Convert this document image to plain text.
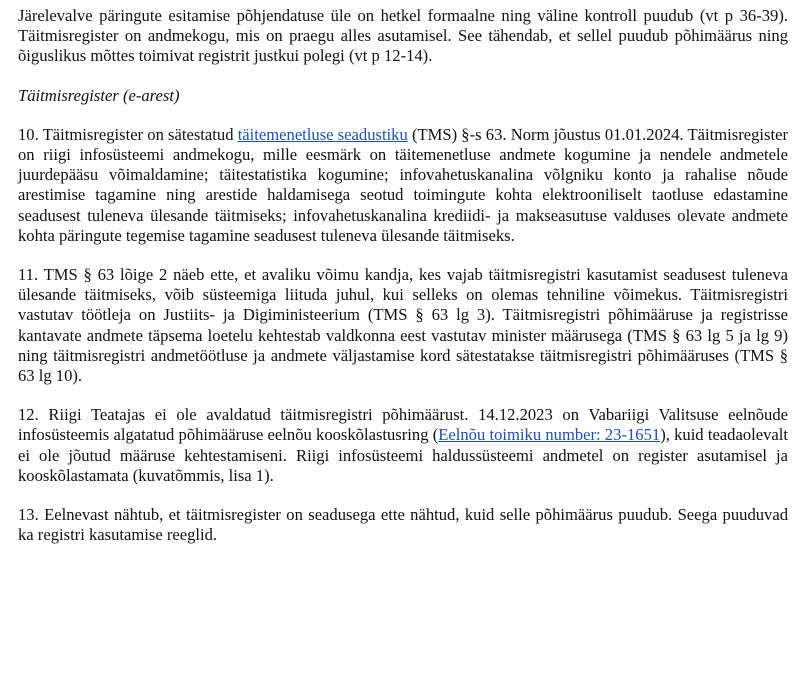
Järelevalve päringute esitamise põhjendatuse üle on hetkel formaalne ning väline kontroll puudub (vt p 36-39). Täitmisregister on andmekogu, mis on praegu alles asutamisel. See tähendab, et sellel puudub põhimäärus ning õiguslikus mõttes toimivat registrit justkui polegi (vt p 12-14).

Täitmisregister (e-arest)

10. Täitmisregister on sätestatud täitemenetluse seadustiku (TMS) §-s 63. Norm jõustus 01.01.2024. Täitmisregister on riigi infosüsteemi andmekogu, mille eesmärk on täitemenetluse andmete kogumine ja nendele andmetele juurdepääsu võimaldamine; täitestatistika kogumine; infovahetuskanalina võlgniku konto ja rahalise nõude arestimise tagamine ning arestide haldamisega seotud toimingute kohta elektrooniliselt taotluse edastamine seadusest tuleneva ülesande täitmiseks; infovahetuskanalina krediidi- ja makseasutuse valduses olevate andmete kohta päringute tegemise tagamine seadusest tuleneva ülesande täitmiseks.

11. TMS § 63 lõige 2 näeb ette, et avaliku võimu kandja, kes vajab täitmisregistri kasutamist seadusest tuleneva ülesande täitmiseks, võib süsteemiga liituda juhul, kui selleks on olemas tehniline võimekus. Täitmisregistri vastutav töötleja on Justiits- ja Digiministeerium (TMS § 63 lg 3). Täitmisregistri põhimääruse ja registrisse kantavate andmete täpsema loetelu kehtestab valdkonna eest vastutav minister määrusega (TMS § 63 lg 5 ja lg 9) ning täitmisregistri andmetöötluse ja andmete väljastamise kord sätestatakse täitmisregistri põhimääruses (TMS § 63 lg 10).

12. Riigi Teatajas ei ole avaldatud täitmisregistri põhimäärust. 14.12.2023 on Vabariigi Valitsuse eelnõude infosüsteemis algatatud põhimääruse eelnõu kooskõlastusring (Eelnõu toimiku number: 23-1651), kuid teadaolevalt ei ole jõutud määruse kehtestamiseni. Riigi infosüsteemi haldussüsteemi andmetel on register asutamisel ja kooskõlastamata (kuvatõmmis, lisa 1).

13. Eelnevast nähtub, et täitmisregister on seadusega ette nähtud, kuid selle põhimäärus puudub. Seega puuduvad ka registri kasutamise reeglid.
